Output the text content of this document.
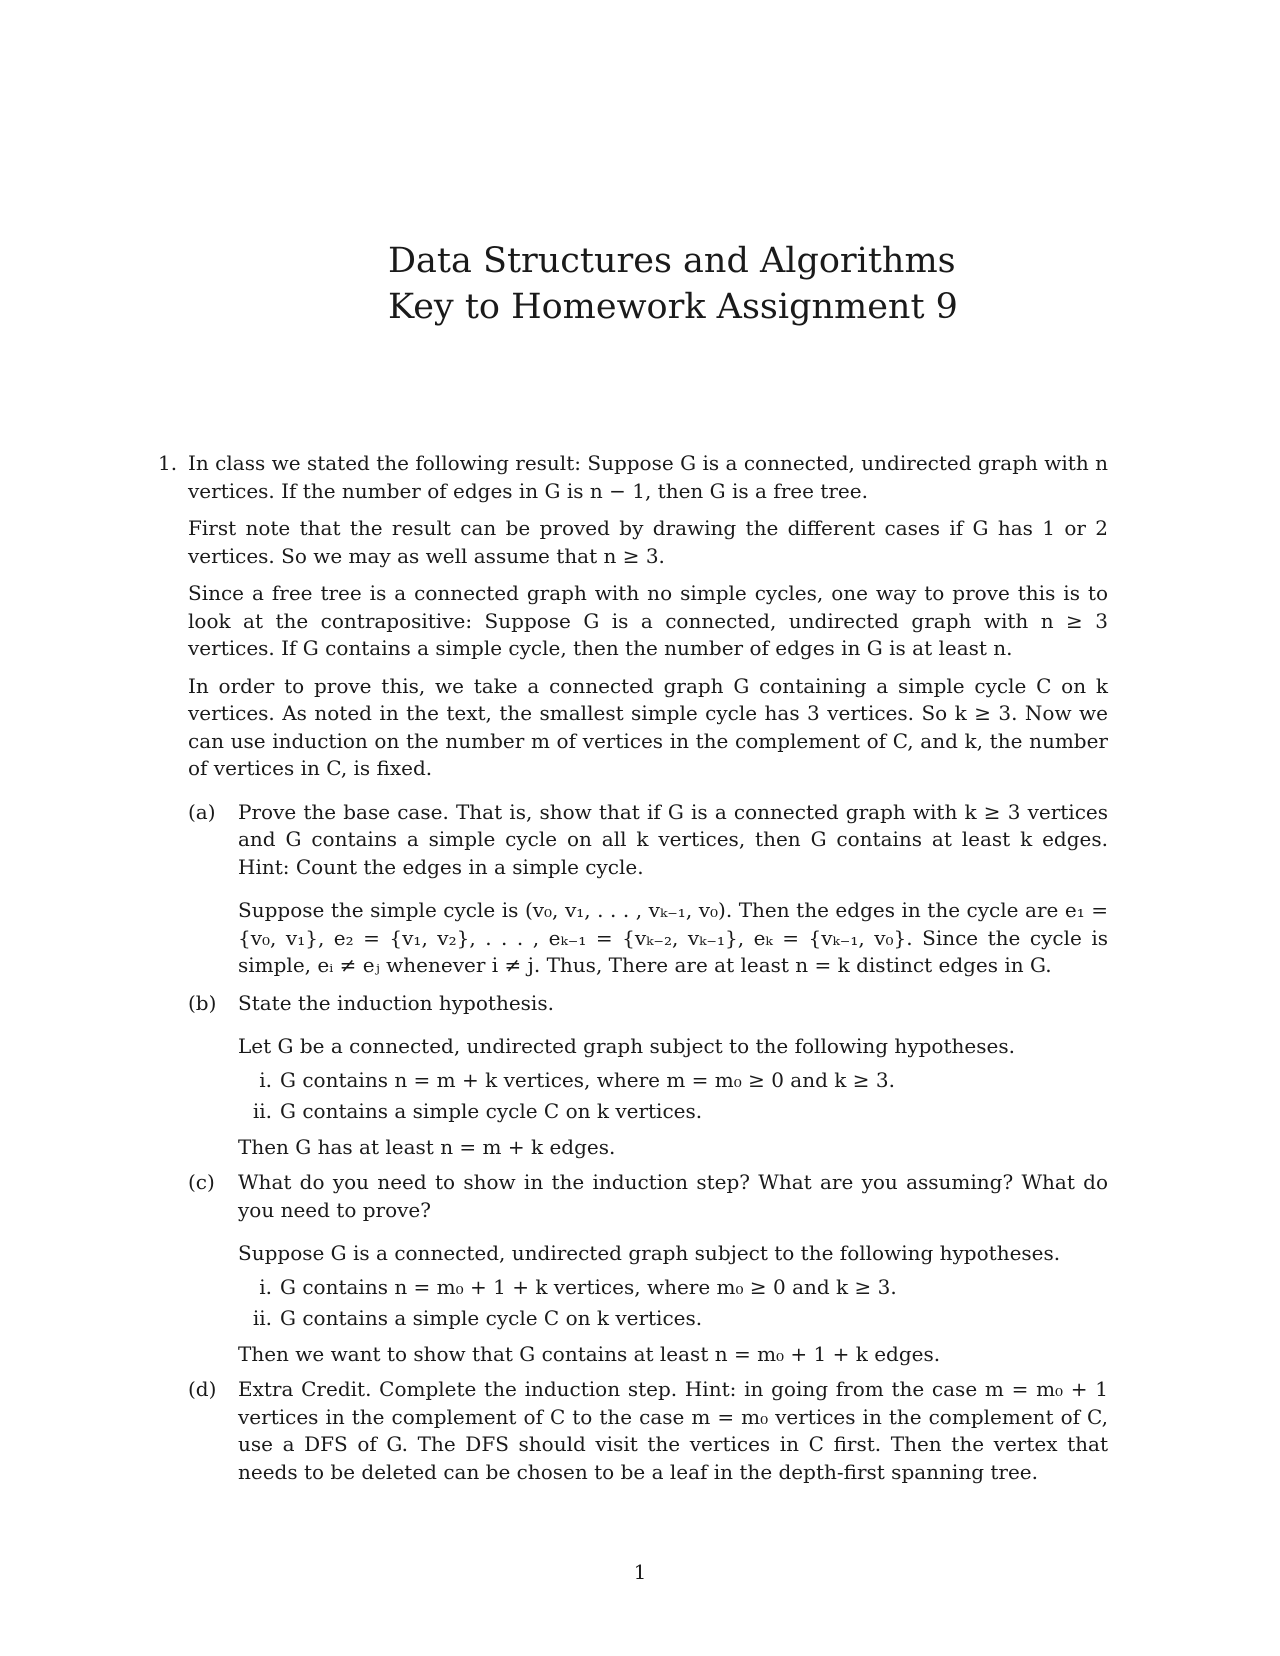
Data Structures and Algorithms
Key to Homework Assignment 9
1. In class we stated the following result: Suppose G is a connected, undirected graph with n vertices. If the number of edges in G is n − 1, then G is a free tree.

First note that the result can be proved by drawing the different cases if G has 1 or 2 vertices. So we may as well assume that n ≥ 3.

Since a free tree is a connected graph with no simple cycles, one way to prove this is to look at the contrapositive: Suppose G is a connected, undirected graph with n ≥ 3 vertices. If G contains a simple cycle, then the number of edges in G is at least n.

In order to prove this, we take a connected graph G containing a simple cycle C on k vertices. As noted in the text, the smallest simple cycle has 3 vertices. So k ≥ 3. Now we can use induction on the number m of vertices in the complement of C, and k, the number of vertices in C, is fixed.

(a) Prove the base case. That is, show that if G is a connected graph with k ≥ 3 vertices and G contains a simple cycle on all k vertices, then G contains at least k edges. Hint: Count the edges in a simple cycle.

Suppose the simple cycle is (v₀, v₁, . . . , vₖ₋₁, v₀). Then the edges in the cycle are e₁ = {v₀, v₁}, e₂ = {v₁, v₂}, . . . , eₖ₋₁ = {vₖ₋₂, vₖ₋₁}, eₖ = {vₖ₋₁, v₀}. Since the cycle is simple, eᵢ ≠ eⱼ whenever i ≠ j. Thus, There are at least n = k distinct edges in G.

(b) State the induction hypothesis.

Let G be a connected, undirected graph subject to the following hypotheses.

i. G contains n = m + k vertices, where m = m₀ ≥ 0 and k ≥ 3.

ii. G contains a simple cycle C on k vertices.

Then G has at least n = m + k edges.

(c) What do you need to show in the induction step? What are you assuming? What do you need to prove?

Suppose G is a connected, undirected graph subject to the following hypotheses.

i. G contains n = m₀ + 1 + k vertices, where m₀ ≥ 0 and k ≥ 3.

ii. G contains a simple cycle C on k vertices.

Then we want to show that G contains at least n = m₀ + 1 + k edges.

(d) Extra Credit. Complete the induction step. Hint: in going from the case m = m₀ + 1 vertices in the complement of C to the case m = m₀ vertices in the complement of C, use a DFS of G. The DFS should visit the vertices in C first. Then the vertex that needs to be deleted can be chosen to be a leaf in the depth-first spanning tree.

1
